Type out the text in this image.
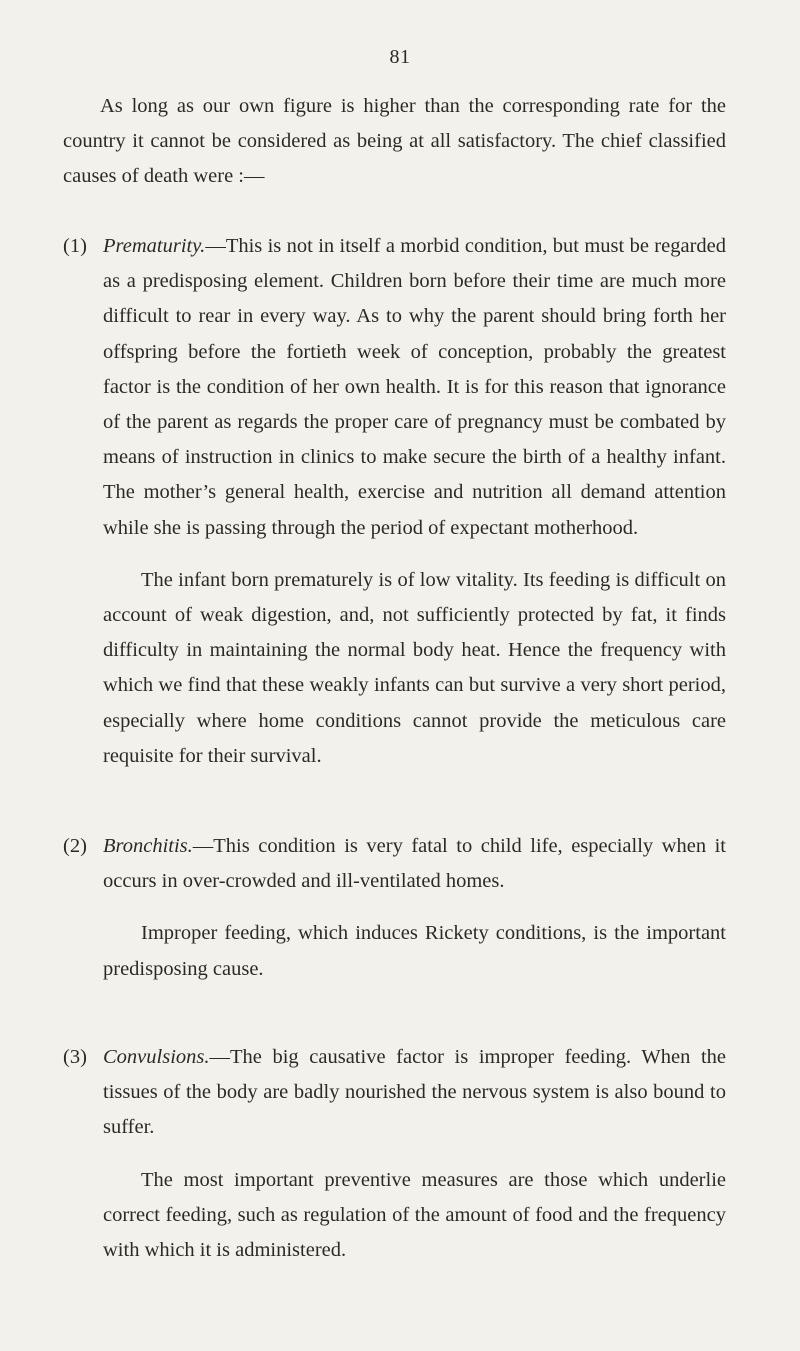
81

As long as our own figure is higher than the corresponding rate for the country it cannot be considered as being at all satisfactory. The chief classified causes of death were :—

(1) Prematurity.—This is not in itself a morbid condition, but must be regarded as a predisposing element. Children born before their time are much more difficult to rear in every way. As to why the parent should bring forth her offspring before the fortieth week of conception, probably the greatest factor is the condition of her own health. It is for this reason that ignorance of the parent as regards the proper care of pregnancy must be combated by means of instruction in clinics to make secure the birth of a healthy infant. The mother’s general health, exercise and nutrition all demand attention while she is passing through the period of expectant motherhood.

The infant born prematurely is of low vitality. Its feeding is difficult on account of weak digestion, and, not sufficiently protected by fat, it finds difficulty in maintaining the normal body heat. Hence the frequency with which we find that these weakly infants can but survive a very short period, especially where home conditions cannot provide the meticulous care requisite for their survival.

(2) Bronchitis.—This condition is very fatal to child life, especially when it occurs in over-crowded and ill-ventilated homes.

Improper feeding, which induces Rickety conditions, is the important predisposing cause.

(3) Convulsions.—The big causative factor is improper feeding. When the tissues of the body are badly nourished the nervous system is also bound to suffer.

The most important preventive measures are those which underlie correct feeding, such as regulation of the amount of food and the frequency with which it is administered.
